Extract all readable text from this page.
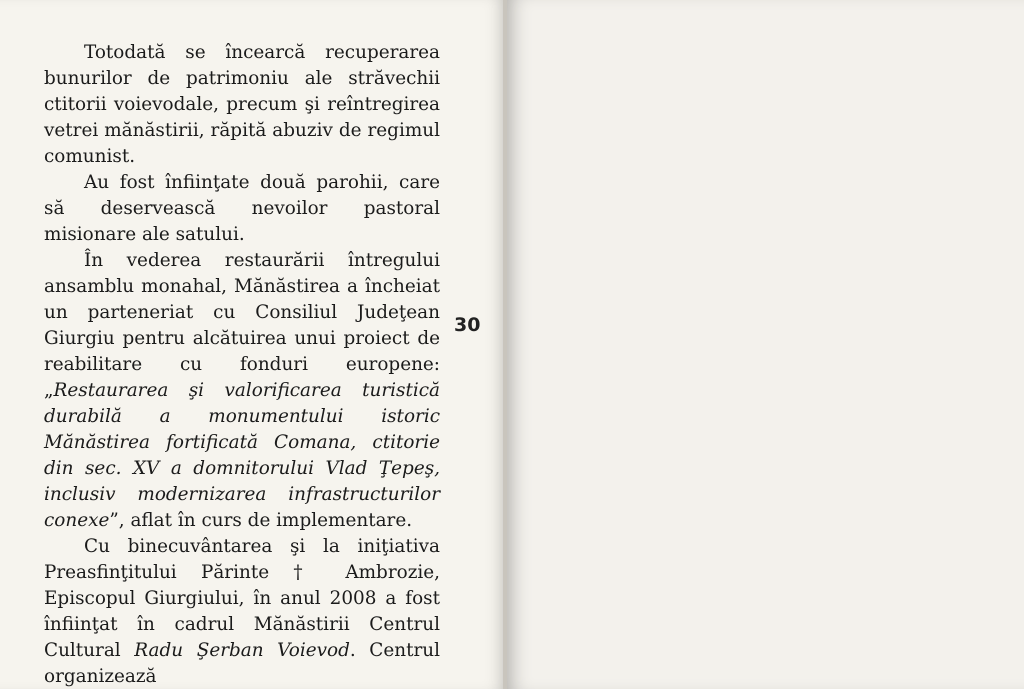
Totodată se încearcă recuperarea bunurilor de patrimoniu ale străvechii ctitorii voievodale, precum şi reîntregirea vetrei mănăstirii, răpită abuziv de regimul comunist.

Au fost înfiinţate două parohii, care să deservească nevoilor pastoral misionare ale satului.

În vederea restaurării întregului ansamblu monahal, Mănăstirea a încheiat un parteneriat cu Consiliul Judeţean Giurgiu pentru alcătuirea unui proiect de reabilitare cu fonduri europene: „Restaurarea şi valorificarea turistică durabilă a monumentului istoric Mănăstirea fortificată Comana, ctitorie din sec. XV a domnitorului Vlad Ţepeş, inclusiv modernizarea infrastructurilor conexe”, aflat în curs de implementare.

Cu binecuvântarea şi la iniţiativa Preasfinţitului Părinte † Ambrozie, Episcopul Giurgiului, în anul 2008 a fost înfiinţat în cadrul Mănăstirii Centrul Cultural Radu Şerban Voievod. Centrul organizează

30
